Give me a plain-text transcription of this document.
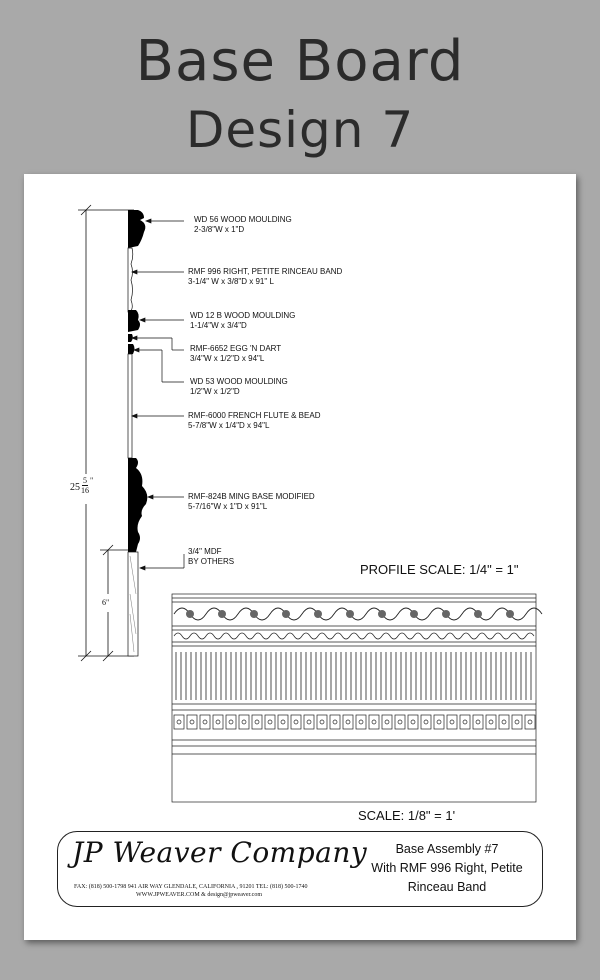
Base Board
Design 7
25
5
16
"
6"
WD 56 WOOD MOULDING
2-3/8"W x 1"D
RMF 996 RIGHT, PETITE RINCEAU BAND
3-1/4" W x 3/8"D x 91" L
WD 12 B WOOD MOULDING
1-1/4"W x 3/4"D
RMF-6652 EGG 'N DART
3/4"W x 1/2"D x 94"L
WD 53 WOOD MOULDING
1/2"W x 1/2"D
RMF-6000 FRENCH FLUTE & BEAD
5-7/8"W x 1/4"D x 94"L
RMF-824B MING BASE MODIFIED
5-7/16"W x 1"D x 91"L
3/4" MDF
BY OTHERS
PROFILE SCALE: 1/4" = 1"
SCALE: 1/8" = 1'
JP Weaver Company
FAX: (818) 500-1798 941 AIR WAY GLENDALE, CALIFORNIA , 91201 TEL: (818) 500-1740
WWW.JPWEAVER.COM & design@jpweaver.com
Base Assembly #7
With RMF 996 Right, Petite
Rinceau Band
